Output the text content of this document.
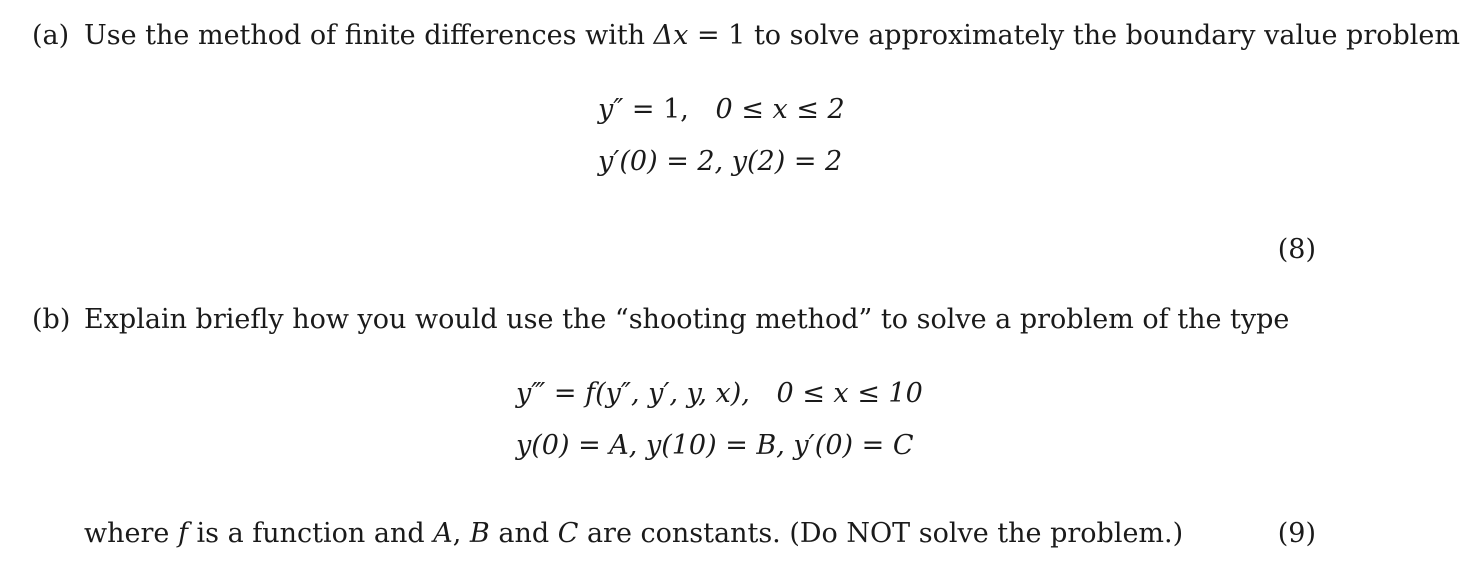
(a) Use the method of finite differences with Δx = 1 to solve approximately the boundary value problem
y″ = 1, 0 ≤ x ≤ 2
y′(0) = 2, y(2) = 2
(8)
(b) Explain briefly how you would use the “shooting method” to solve a problem of the type
y‴ = f(y″, y′, y, x), 0 ≤ x ≤ 10
y(0) = A, y(10) = B, y′(0) = C
where f is a function and A, B and C are constants. (Do NOT solve the problem.)	(9)
